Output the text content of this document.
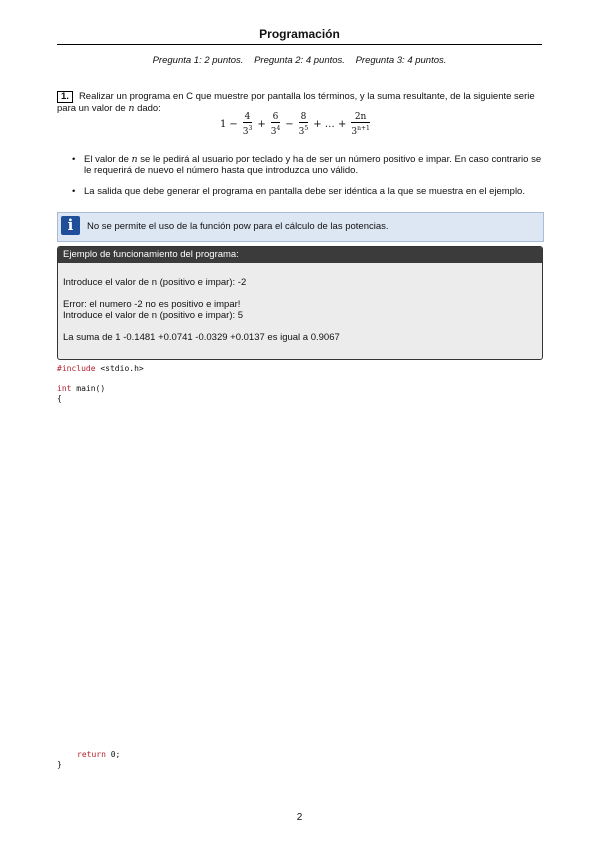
Programación
Pregunta 1: 2 puntos. Pregunta 2: 4 puntos. Pregunta 3: 4 puntos.
1. Realizar un programa en C que muestre por pantalla los términos, y la suma resultante, de la siguiente serie para un valor de n dado:
$1 - \frac{4}{3^3} + \frac{6}{3^4} - \frac{8}{3^5}$ + … + $\frac{2n}{3^{n+1}}$
• El valor de n se le pedirá al usuario por teclado y ha de ser un número positivo e impar. En caso contrario se le requerirá de nuevo el número hasta que introduzca uno válido.
• La salida que debe generar el programa en pantalla debe ser idéntica a la que se muestra en el ejemplo.
i	No se permite el uso de la función pow para el cálculo de las potencias.
Ejemplo de funcionamiento del programa:
Introduce el valor de n (positivo e impar): -2
Error: el numero -2 no es positivo e impar!
Introduce el valor de n (positivo e impar): 5
La suma de 1 -0.1481 +0.0741 -0.0329 +0.0137 es igual a 0.9067
#include <stdio.h>
int main()
{
return 0;
}
2
